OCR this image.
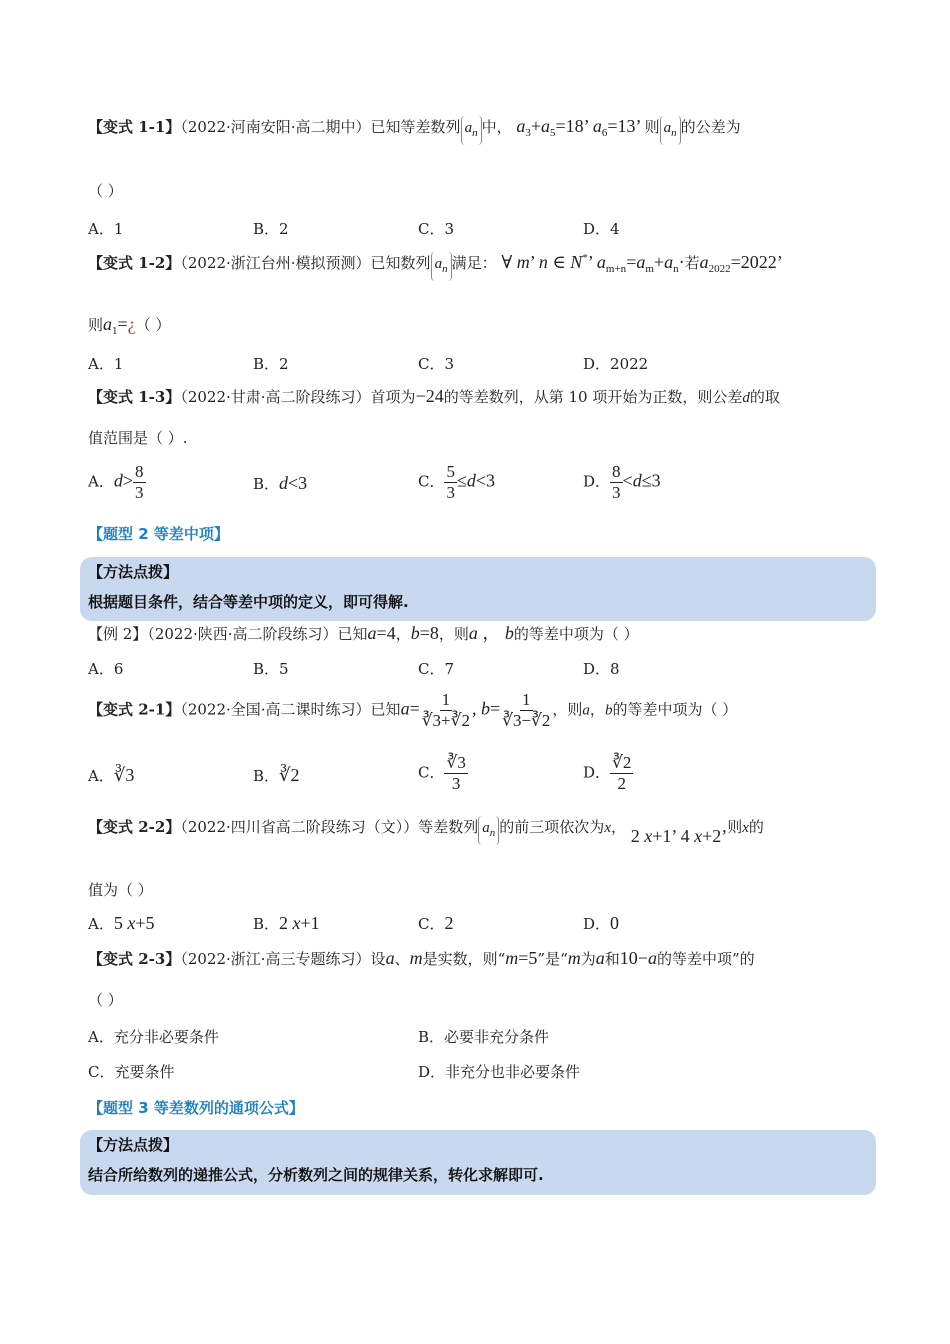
【变式 1-1】（2022·河南安阳·高二期中）已知等差数列 $a_n$ 中， $a_3+a_5=18$’ $a_6=13$’ 则 $a_n$ 的公差为
（ ）
A．1	B．2	C．3	D．4
【变式 1-2】（2022·浙江台州·模拟预测）已知数列 $a_n$ 满足： ∀ m’ n ∈ N*’ $a_{m+n}=a_m+a_n\cdot$若$a_{2022}=2022$’
则$a_1=¿$（ ）
A．1	B．2	C．3	D．2022
【变式 1-3】（2022·甘肃·高二阶段练习）首项为−24的等差数列，从第 10 项开始为正数，则公差d的取
值范围是（ ）.
A．$d> \frac{8}{3}$	B．d<3	C． $\frac{5}{3} \le d<3$	D． $\frac{8}{3} <d\le 3$
【题型 2 等差中项】
【方法点拨】
根据题目条件，结合等差中项的定义，即可得解.
【例 2】（2022·陕西·高二阶段练习）已知a=4，b=8，则a ， b的等差中项为（ ）
A．6	B．5	C．7	D．8
【变式 2-1】（2022·全国·高二课时练习）已知$a= \frac{1}{∛3+∛2}$ , $b= \frac{1}{∛3-∛2}$ ，则a，b的等差中项为（ ）
A．∛3	B．∛2	C． $\frac{∛3}{3}$	D． $\frac{∛2}{2}$
【变式 2-2】（2022·四川省高二阶段练习（文））等差数列 $a_n$ 的前三项依次为x， 2 x+1’ 4 x+2’则x的
值为（ ）
A．5 x+5	B．2 x+1	C．2	D．0
【变式 2-3】（2022·浙江·高三专题练习）设a、m是实数，则“m=5”是“m为a和10−a的等差中项”的
（ ）
A．充分非必要条件	B．必要非充分条件
C．充要条件	D．非充分也非必要条件
【题型 3 等差数列的通项公式】
【方法点拨】
结合所给数列的递推公式，分析数列之间的规律关系，转化求解即可.
